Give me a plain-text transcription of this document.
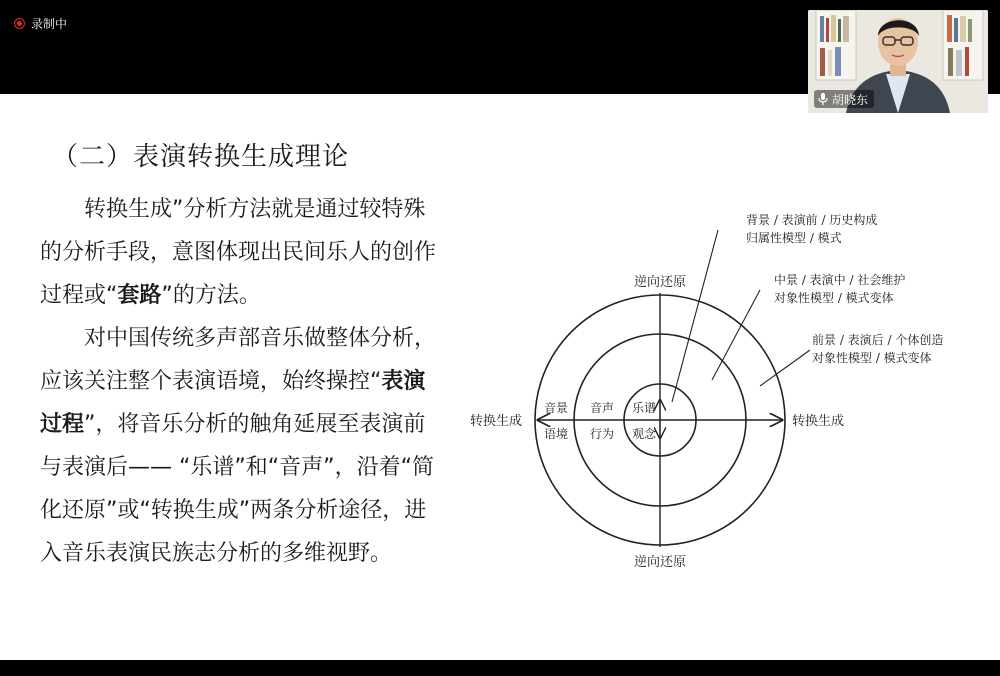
录制中
胡晓东
（二）表演转换生成理论

转换生成”分析方法就是通过较特殊的分析手段，意图体现出民间乐人的创作过程或“套路”的方法。

对中国传统多声部音乐做整体分析，应该关注整个表演语境，始终操控“表演过程”，将音乐分析的触角延展至表演前与表演后—— “乐谱”和“音声”，沿着“简化还原”或“转换生成”两条分析途径，进入音乐表演民族志分析的多维视野。

逆向还原
逆向还原
转换生成	转换生成
音景
语境
音声
行为
乐谱
观念
背景 / 表演前 / 历史构成
归属性模型 / 模式
中景 / 表演中 / 社会维护
对象性模型 / 模式变体
前景 / 表演后 / 个体创造
对象性模型 / 模式变体
